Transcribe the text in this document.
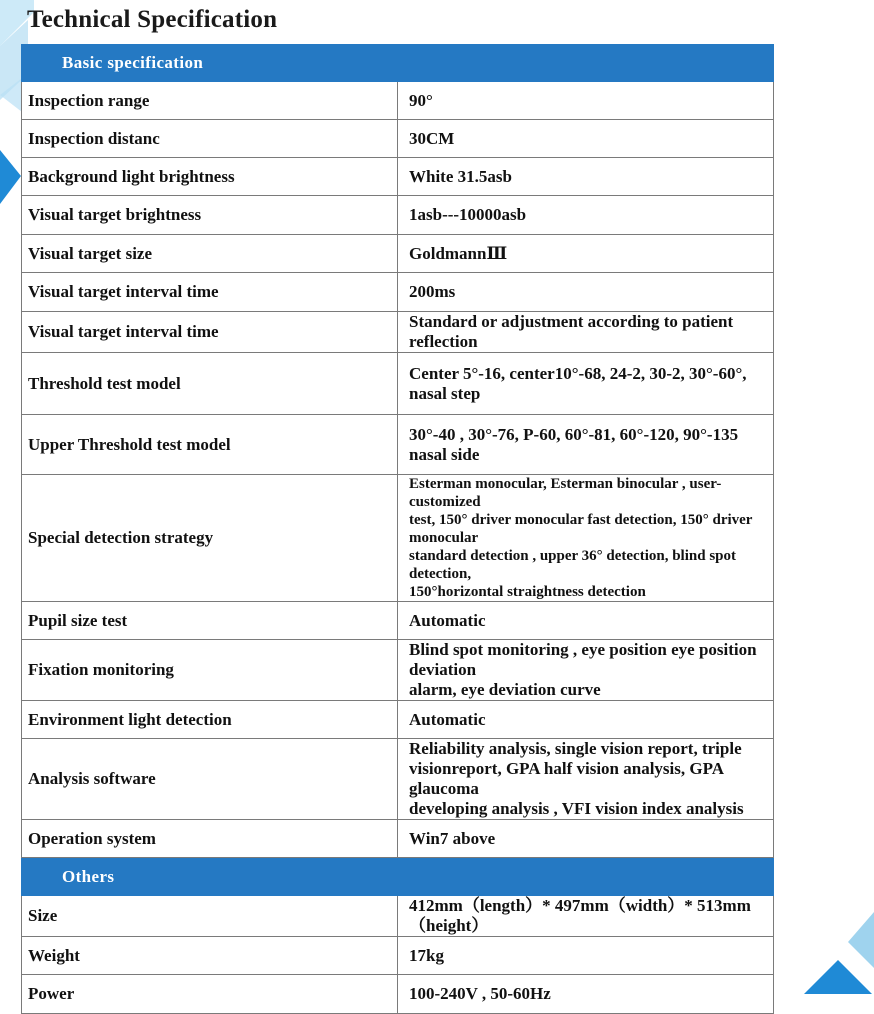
Technical Specification
Basic specification	
Inspection range	90°
Inspection distanc	30CM
Background light brightness	White 31.5asb
Visual target brightness	1asb---10000asb
Visual target size	GoldmannⅢ
Visual target interval time	200ms
Visual target interval time	Standard or adjustment according to patient reflection
Threshold test model	Center 5°-16, center10°-68, 24-2, 30-2, 30°-60°,
nasal step
Upper Threshold test model	30°-40 , 30°-76, P-60, 60°-81, 60°-120, 90°-135
nasal side
Special detection strategy	Esterman monocular, Esterman binocular , user-customized
test, 150° driver monocular fast detection, 150° driver monocular
standard detection , upper 36° detection, blind spot detection,
150°horizontal straightness detection
Pupil size test	Automatic
Fixation monitoring	Blind spot monitoring , eye position eye position deviation
alarm, eye deviation curve
Environment light detection	Automatic
Analysis software	Reliability analysis, single vision report, triple
visionreport, GPA half vision analysis, GPA glaucoma
developing analysis , VFI vision index analysis
Operation system	Win7 above
Others	
Size	412mm（length）* 497mm（width）* 513mm（height）
Weight	17kg
Power	100-240V , 50-60Hz
